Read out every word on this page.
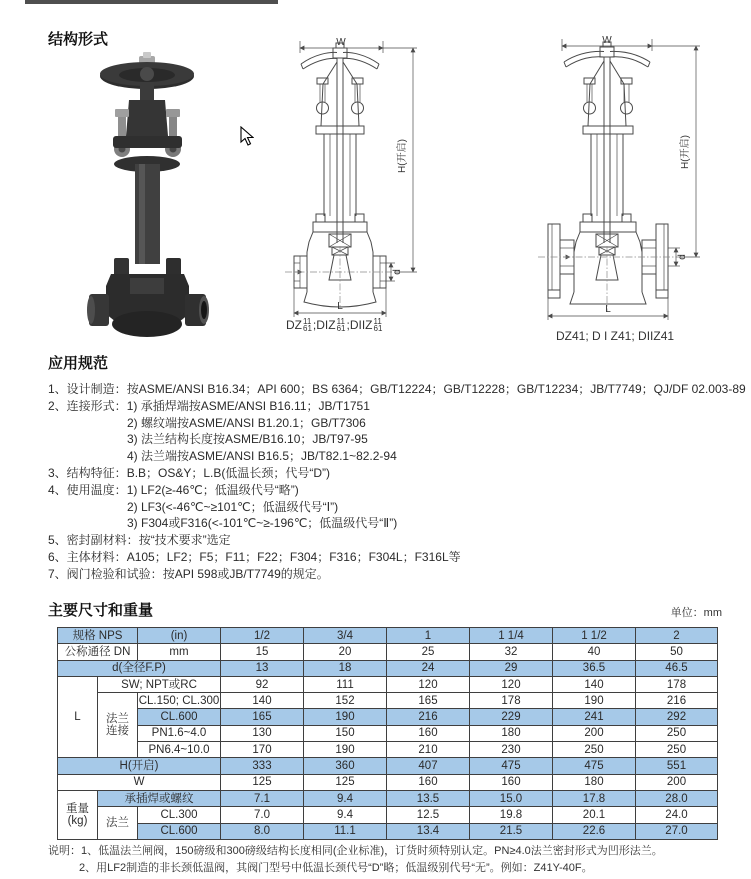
结构形式	W
d
H(开启)
L
DZ 11
61 ; DIZ 11
61 ; DIIZ 11
61
W
d
H(开启)
L
DZ41; D I Z41; DIIZ41
应用规范
1、设计制造：按ASME/ANSI B16.34；API 600；BS 6364；GB/T12224；GB/T12228；GB/T12234；JB/T7749；QJ/DF 02.003-89
2、连接形式：1) 承插焊端按ASME/ANSI B16.11；JB/T1751
2) 螺纹端按ASME/ANSI B1.20.1；GB/T7306
3) 法兰结构长度按ASME/B16.10；JB/T97-95
4) 法兰端按ASME/ANSI B16.5；JB/T82.1~82.2-94
3、结构特征：B.B；OS&Y；L.B(低温长颈；代号“D”)
4、使用温度：1) LF2(≥-46℃；低温级代号“略”)
2) LF3(<-46℃~≥101℃；低温级代号“Ⅰ”)
3) F304或F316(<-101℃~≥-196℃；低温级代号“Ⅱ”)
5、密封副材料：按“技术要求”选定
6、主体材料：A105；LF2；F5；F11；F22；F304；F316；F304L；F316L等
7、阀门检验和试验：按API 598或JB/T7749的规定。
主要尺寸和重量	单位：mm
规格 NPS		(in)	1/2	3/4	1	1 1/4	1 1/2	2
公称通径 DN		mm	15	20	25	32	40	50
d(全径F.P)			13	18	24	29	36.5	46.5
L	SW; NPT或RC		92	111	120	120	140	178

	法兰
连接	CL.150; CL.300	140	152	165	178	190	216
		CL.600	165	190	216	229	241	292
		PN1.6~4.0	130	150	160	180	200	250
		PN6.4~10.0	170	190	210	230	250	250
H(开启)			333	360	407	475	475	551
W			125	125	160	160	180	200

重量
(kg)	承插焊或螺纹		7.1	9.4	13.5	15.0	17.8	28.0
	法兰	CL.300	7.0	9.4	12.5	19.8	20.1	24.0
		CL.600	8.0	11.1	13.4	21.5	22.6	27.0
说明：1、低温法兰闸阀，150磅级和300磅级结构长度相同(企业标准)，订货时须特别认定。PN≥4.0法兰密封形式为凹形法兰。
2、用LF2制造的非长颈低温阀，其阀门型号中低温长颈代号“D”略；低温级别代号“无”。例如：Z41Y-40F。
